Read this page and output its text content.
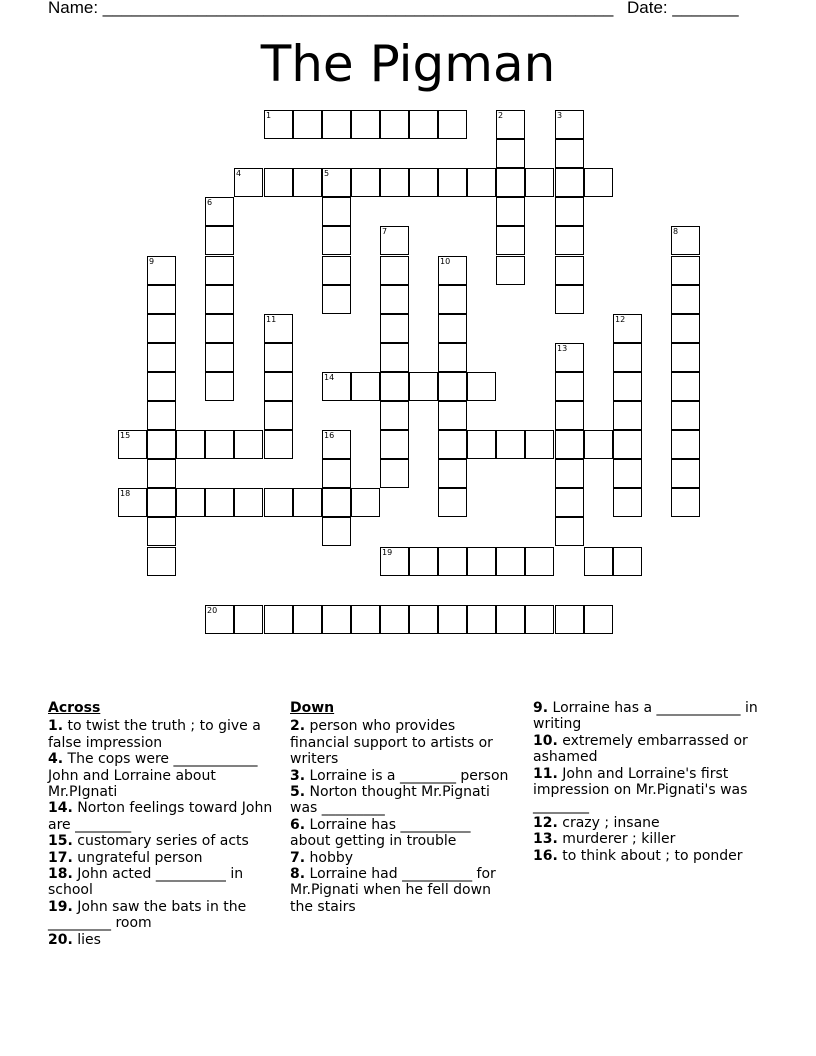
Name: ______________________________________________________ Date: _______
The Pigman
1	2	3
4	5
6
7	8
9	10
11	12
13
14
15	16
18
19
20
Across
1. to twist the truth ; to give a false impression
4. The cops were ____________ John and Lorraine about Mr.PIgnati
14. Norton feelings toward John are ________
15. customary series of acts
17. ungrateful person
18. John acted __________ in school
19. John saw the bats in the _________ room
20. lies
Down
2. person who provides financial support to artists or writers
3. Lorraine is a ________ person
5. Norton thought Mr.Pignati was _________
6. Lorraine has __________ about getting in trouble
7. hobby
8. Lorraine had __________ for Mr.Pignati when he fell down the stairs
9. Lorraine has a ____________ in writing
10. extremely embarrassed or ashamed
11. John and Lorraine's first impression on Mr.Pignati's was ________
12. crazy ; insane
13. murderer ; killer
16. to think about ; to ponder
